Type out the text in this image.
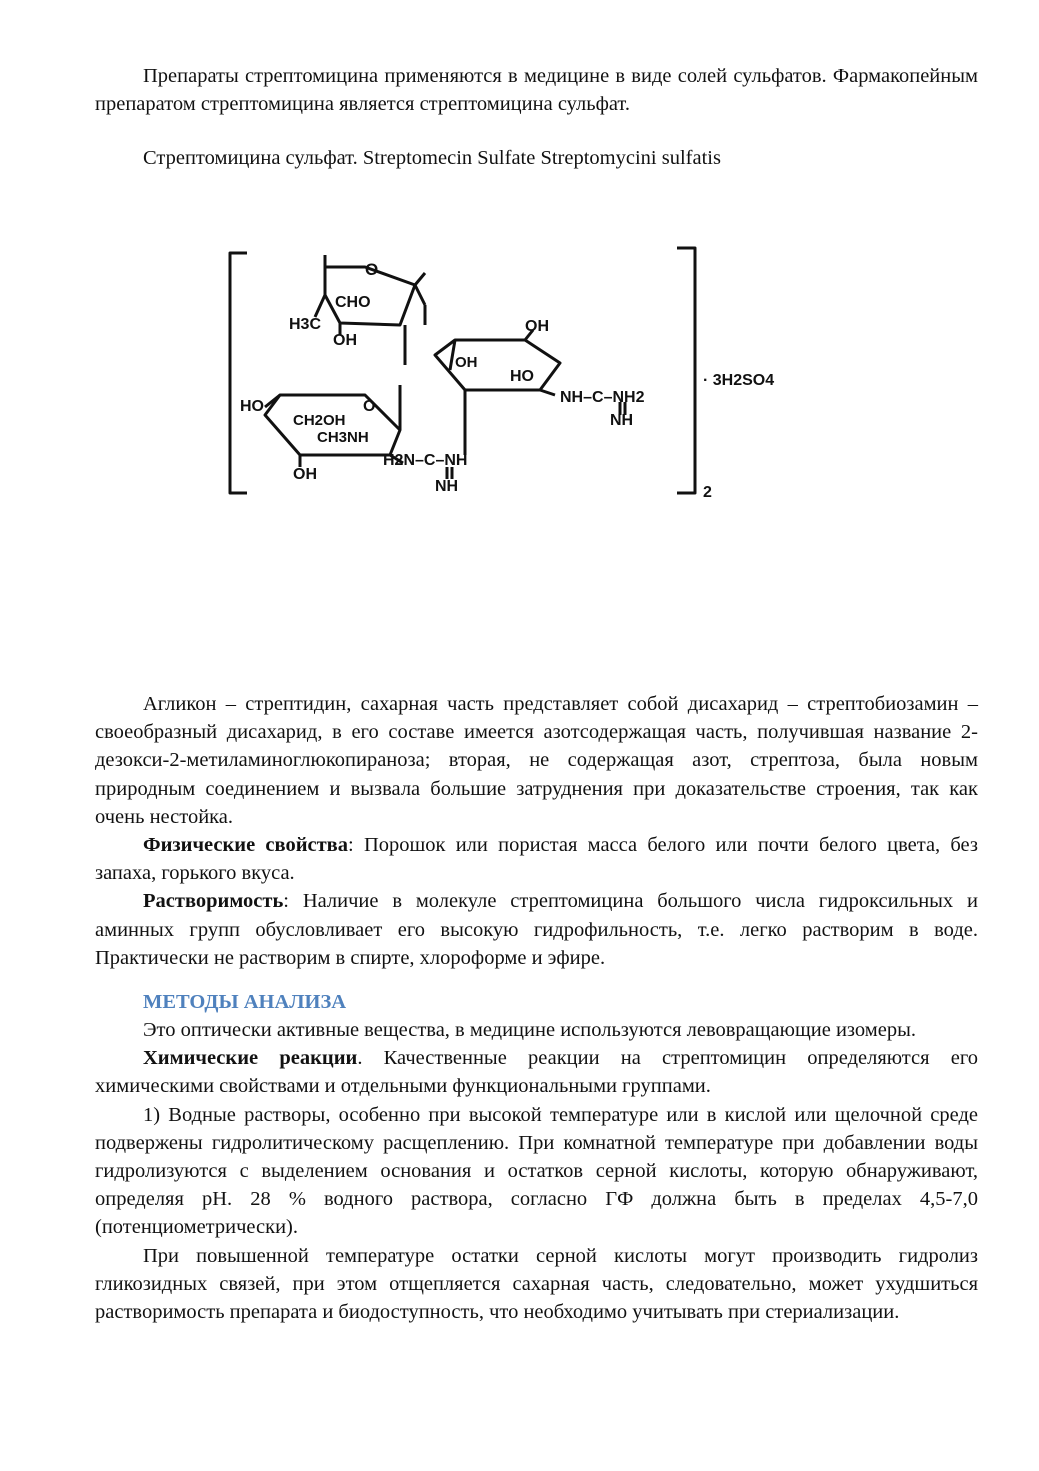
Препараты стрептомицина применяются в медицине в виде солей сульфатов. Фармакопейным препаратом стрептомицина является стрептомицина сульфат.

Стрептомицина сульфат. Streptomecin Sulfate Streptomycini sulfatis

O
CHO
H3C
OH
OH
OH
HO
NH–C–NH2
NH
· 3H2SO4
HO
CH2OH
O
CH3NH
OH
H2N–C–NH
NH	2

Агликон – стрептидин, сахарная часть представляет собой дисахарид – стрептобиозамин – своеобразный дисахарид, в его составе имеется азотсодержащая часть, получившая название 2-дезокси-2-метиламиноглюкопираноза; вторая, не содержащая азот, стрептоза, была новым природным соединением и вызвала большие затруднения при доказательстве строения, так как очень нестойка.

Физические свойства: Порошок или пористая масса белого или почти белого цвета, без запаха, горького вкуса.

Растворимость: Наличие в молекуле стрептомицина большого числа гидроксильных и аминных групп обусловливает его высокую гидрофильность, т.е. легко растворим в воде. Практически не растворим в спирте, хлороформе и эфире.

МЕТОДЫ АНАЛИЗА

Это оптически активные вещества, в медицине используются левовращающие изомеры.

Химические реакции. Качественные реакции на стрептомицин определяются его химическими свойствами и отдельными функциональными группами.

1) Водные растворы, особенно при высокой температуре или в кислой или щелочной среде подвержены гидролитическому расщеплению. При комнатной температуре при добавлении воды гидролизуются с выделением основания и остатков серной кислоты, которую обнаруживают, определяя pH. 28 % водного раствора, согласно ГФ должна быть в пределах 4,5-7,0 (потенциометрически).

При повышенной температуре остатки серной кислоты могут производить гидролиз гликозидных связей, при этом отщепляется сахарная часть, следовательно, может ухудшиться растворимость препарата и биодоступность, что необходимо учитывать при стериализации.
